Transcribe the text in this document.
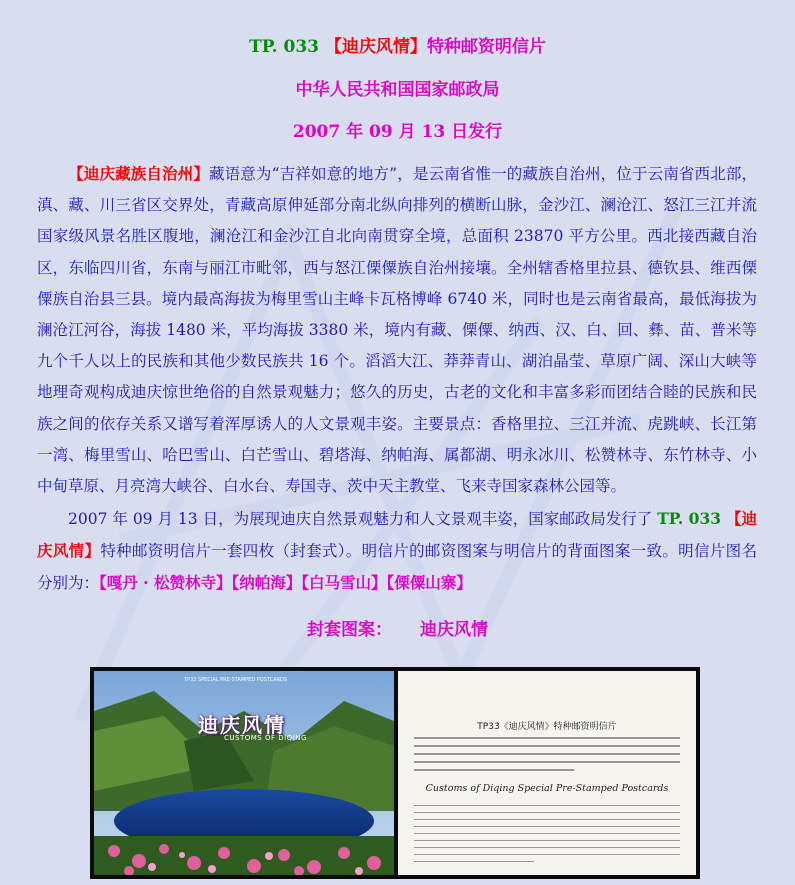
TP. 033 【迪庆风情】特种邮资明信片
中华人民共和国国家邮政局
2007 年 09 月 13 日发行
【迪庆藏族自治州】藏语意为“吉祥如意的地方”，是云南省惟一的藏族自治州，位于云南省西北部，滇、藏、川三省区交界处，青藏高原伸延部分南北纵向排列的横断山脉，金沙江、澜沧江、怒江三江并流国家级风景名胜区腹地，澜沧江和金沙江自北向南贯穿全境，总面积 23870 平方公里。西北接西藏自治区，东临四川省，东南与丽江市毗邻，西与怒江傈僳族自治州接壤。全州辖香格里拉县、德钦县、维西傈僳族自治县三县。境内最高海拔为梅里雪山主峰卡瓦格博峰 6740 米，同时也是云南省最高，最低海拔为澜沧江河谷，海拔 1480 米，平均海拔 3380 米，境内有藏、傈僳、纳西、汉、白、回、彝、苗、普米等九个千人以上的民族和其他少数民族共 16 个。滔滔大江、莽莽青山、湖泊晶莹、草原广阔、深山大峡等地理奇观构成迪庆惊世绝俗的自然景观魅力；悠久的历史，古老的文化和丰富多彩而团结合睦的民族和民族之间的依存关系又谱写着浑厚诱人的人文景观丰姿。主要景点：香格里拉、三江并流、虎跳峡、长江第一湾、梅里雪山、哈巴雪山、白芒雪山、碧塔海、纳帕海、属都湖、明永冰川、松赞林寺、东竹林寺、小中甸草原、月亮湾大峡谷、白水台、寿国寺、茨中天主教堂、飞来寺国家森林公园等。
2007 年 09 月 13 日，为展现迪庆自然景观魅力和人文景观丰姿，国家邮政局发行了 TP. 033 【迪庆风情】特种邮资明信片一套四枚（封套式）。明信片的邮资图案与明信片的背面图案一致。明信片图名分别为：【嘎丹 · 松赞林寺】【纳帕海】【白马雪山】【傈僳山寨】
封套图案： 迪庆风情
TP33 SPECIAL PRE-STAMPED POSTCARDS
迪庆风情
CUSTOMS OF DIQING
TP33《迪庆风情》特种邮资明信片
Customs of Diqing Special Pre-Stamped Postcards
